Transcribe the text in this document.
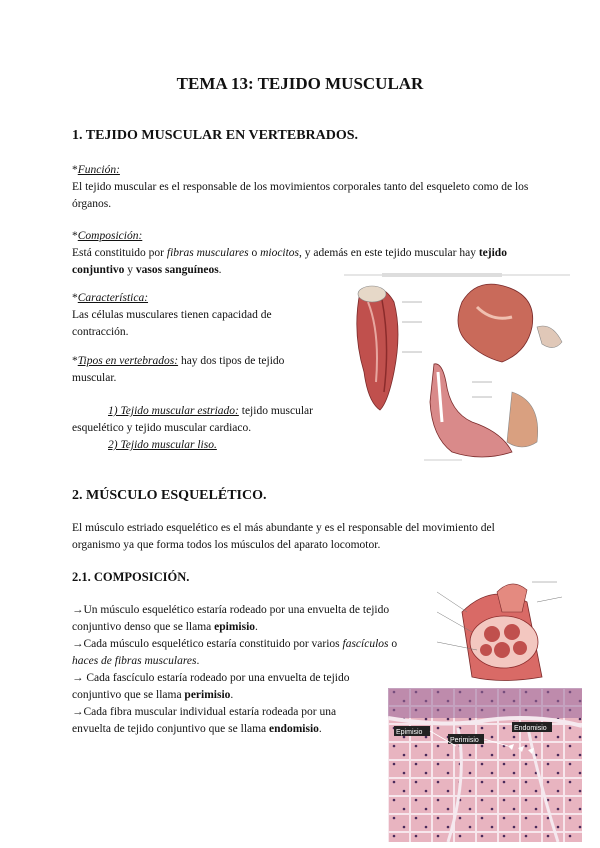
TEMA 13: TEJIDO MUSCULAR
1. TEJIDO MUSCULAR EN VERTEBRADOS.
*Función:
El tejido muscular es el responsable de los movimientos corporales tanto del esqueleto como de los órganos.
*Composición:
Está constituido por fibras musculares o miocitos, y además en este tejido muscular hay tejido conjuntivo y vasos sanguíneos.
*Característica:
Las células musculares tienen capacidad de contracción.
*Tipos en vertebrados: hay dos tipos de tejido muscular.
1) Tejido muscular estriado: tejido muscular esquelético y tejido muscular cardiaco.
2) Tejido muscular liso.
2. MÚSCULO ESQUELÉTICO.
El músculo estriado esquelético es el más abundante y es el responsable del movimiento del organismo ya que forma todos los músculos del aparato locomotor.
2.1. COMPOSICIÓN.
→Un músculo esquelético estaría rodeado por una envuelta de tejido conjuntivo denso que se llama epimisio.
→Cada músculo esquelético estaría constituido por varios fascículos o haces de fibras musculares.
→ Cada fascículo estaría rodeado por una envuelta de tejido conjuntivo que se llama perimisio.
→Cada fibra muscular individual estaría rodeada por una envuelta de tejido conjuntivo que se llama endomisio.	Epimisio
Perimisio
Endomisio
